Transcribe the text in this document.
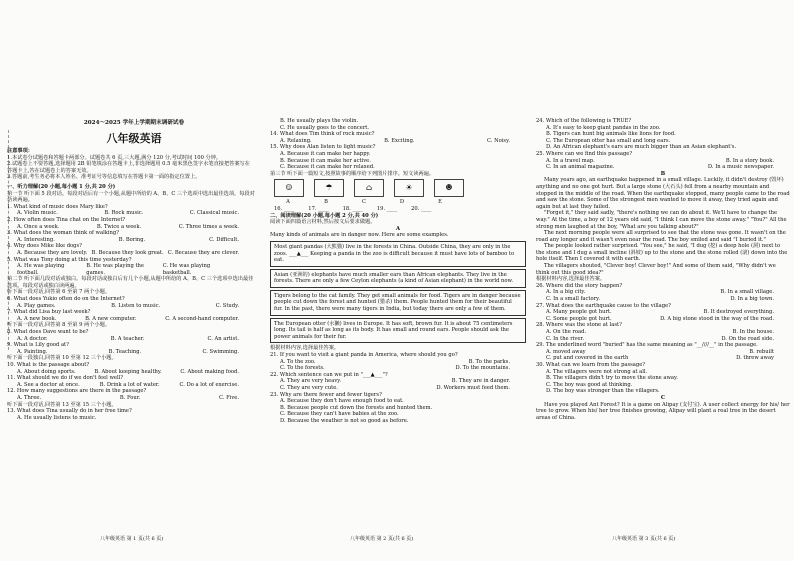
2024～2025 学年上学期期末调研试卷
八年级英语
注意事项：
1.本试卷分试题卷和答题卡两部分。试题卷共 6 页,三大题,满分 120 分,考试时间 100 分钟。
2.试题卷上不要答题,选择题用 2B 铅笔填涂在答题卡上,非选择题用 0.5 毫米黑色签字水笔直接把答案写在答题卡上,答在试题卷上的答案无效。
3.答题前,考生务必将本人姓名、准考证号等信息填写在答题卡第一面的指定位置上。
一、听力理解(20 小题,每小题 1 分,共 20 分)
第一节 听下面 5 段对话。每段对话后有一个小题,从题中所给的 A、B、C 三个选项中选出最佳选项。每段对话读两遍。
1. What kind of music does Mary like?
A. Violin music.	B. Rock music.	C. Classical music.
2. How often does Tina chat on the Internet?
A. Once a week.	B. Twice a week.	C. Three times a week.
3. What does the woman think of walking?
A. Interesting.	B. Boring.	C. Difficult.
4. Why does Mike like dogs?
A. Because they are lovely. B. Because they look great. C. Because they are clever.
5. What was Tony doing at this time yesterday?
A. He was playing football.
B. He was playing the games.
C. He was playing basketball.
第二节 听下面几段对话或独白。每段对话或独白后有几个小题,从题中所给的 A、B、C 三个选项中选出最佳选项。每段对话或独白读两遍。
听下面一段对话,回答第 6 至第 7 两个小题。
6. What does Yukio often do on the Internet?
A. Play games.	B. Listen to music.	C. Study.
7. What did Lisa buy last week?
A. A new book.	B. A new computer.	C. A second-hand computer.
听下面一段对话,回答第 8 至第 9 两个小题。
8. What does Dave want to be?
A. A doctor.	B. A teacher.	C. An artist.
9. What is Lily good at?
A. Painting.	B. Teaching.	C. Swimming.
听下面一段独白,回答第 10 至第 12 三个小题。
10. What is the passage about?
A. About doing sports.	B. About keeping healthy.	C. About making food.
11. What should we do if we don't feel well?
A. See a doctor at once.	B. Drink a lot of water.	C. Do a lot of exercise.
12. How many suggestions are there in the passage?
A. Three.	B. Four.	C. Five.
听下面一段对话,回答第 13 至第 15 三个小题。
13. What does Tina usually do in her free time?
A. He usually listens to music.
八年级英语 第 1 页(共 6 页)
B. He usually plays the violin.
C. He usually goes to the concert.
14. What does Tim think of rock music?
A. Relaxing.	B. Exciting.	C. Noisy.
15. Why does Alan listen to light music?
A. Because it can make her happy.
B. Because it can make her active.
C. Because it can make her relaxed.
第三节 听下面一篇短文,按照故事的顺序给下列图片排序。短文读两遍。
☺	☂	⌂	☀	☻
A	B	C	D	E
16. ____	17. ____	18. ____	19. ____	20. ____
二、阅读理解(20 小题,每小题 2 分,共 40 分)
阅读下面四篇语言材料,然后按文后要求做题。
A
Many kinds of animals are in danger now. Here are some examples.
Most giant pandas (大熊猫) live in the forests in China. Outside China, they are only in the zoos. ___▲___ Keeping a panda in the zoo is difficult because it must have lots of bamboo to eat.
Asian (亚洲的) elephants have much smaller ears than African elephants. They live in the forests. There are only a few Ceylon elephants (a kind of Asian elephant) in the world now.
Tigers belong to the cat family. They get small animals for food. Tigers are in danger because people cut down the forest and hunted (猎杀) them. People hunted them for their beautiful fur. In the past, there were many tigers in India, but today there are only a few of them.
The European otter (水獭) lives in Europe. It has soft, brown fur. It is about 75 centimeters long. Its tail is half as long as its body. It has small and round ears. People should ask the power animals for their fur.
根据材料内容,选择最佳答案。
21. If you want to visit a giant panda in America, where should you go?
A. To the zoo.	B. To the parks.
C. To the forests.	D. To the mountains.
22. Which sentence can we put in "___▲___"?
A. They are very heavy.	B. They are in danger.
C. They are very cute.	D. Workers must feed them.
23. Why are there fewer and fewer tigers?
A. Because they don't have enough food to eat.
B. Because people cut down the forests and hunted them.
C. Because they can't have babies at the zoo.
D. Because the weather is not so good as before.
八年级英语 第 2 页(共 6 页)
24. Which of the following is TRUE?
A. It's easy to keep giant pandas in the zoo.
B. Tigers can hunt big animals like lions for food.
C. The European otter has small and long ears.
D. An African elephant's ears are much bigger than an Asian elephant's.
25. Where can we find this passage?
A. In a travel map.	B. In a story book.
C. In an animal magazine.	D. In a music newspaper.
B
Many years ago, an earthquake happened in a small village. Luckily, it didn't destroy (毁坏) anything and no one got hurt. But a large stone (大石头) fell from a nearby mountain and stopped in the middle of the road. When the earthquake stopped, many people came to the road and saw the stone. Some of the strongest men wanted to move it away, they tried again and again but at last they failed.
"Forget it," they said sadly, "there's nothing we can do about it. We'll have to change the way." At the time, a boy of 12 years old said, "I think I can move the stone away." "You?" All the strong men laughed at the boy, "What are you talking about?"
The next morning people were all surprised to see that the stone was gone. It wasn't on the road any longer and it wasn't even near the road. The boy smiled and said "I buried it."
The people looked rather surprised. "You see," he said, "I dug (挖) a deep hole (洞) next to the stone and I dug a small incline (斜坡) up to the stone and the stone rolled (滚) down into the hole itself. Then I covered it with earth.
The villagers shouted, "Clever boy! Clever boy!" And some of them said, "Why didn't we think out this good idea?"
根据材料内容,选择最佳答案。
26. Where did the story happen?
A. In a big city.	B. In a small village.
C. In a small factory.	D. In a big town.
27. What does the earthquake cause to the village?
A. Many people got hurt.	B. It destroyed everything.
C. Some people got hurt.	D. A big stone stood in the way of the road.
28. Where was the stone at last?
A. On the road.	B. In the house.
C. In the river.	D. On the road side.
29. The underlined word "buried" has the same meaning as "__////__" in the passage.
A. moved away	B. rebuilt
C. put and covered in the earth	D. threw away
30. What can we learn from the passage?
A. The villagers were not strong at all.
B. The villagers didn't try to move the stone away.
C. The boy was good at thinking.
D. The boy was stronger than the villagers.
C
Have you played Ant Forest? It is a game on Alipay (支付宝). A user collect energy for his/ her tree to grow. When his/ her tree finishes growing, Alipay will plant a real tree in the desert areas of China.
八年级英语 第 3 页(共 6 页)
